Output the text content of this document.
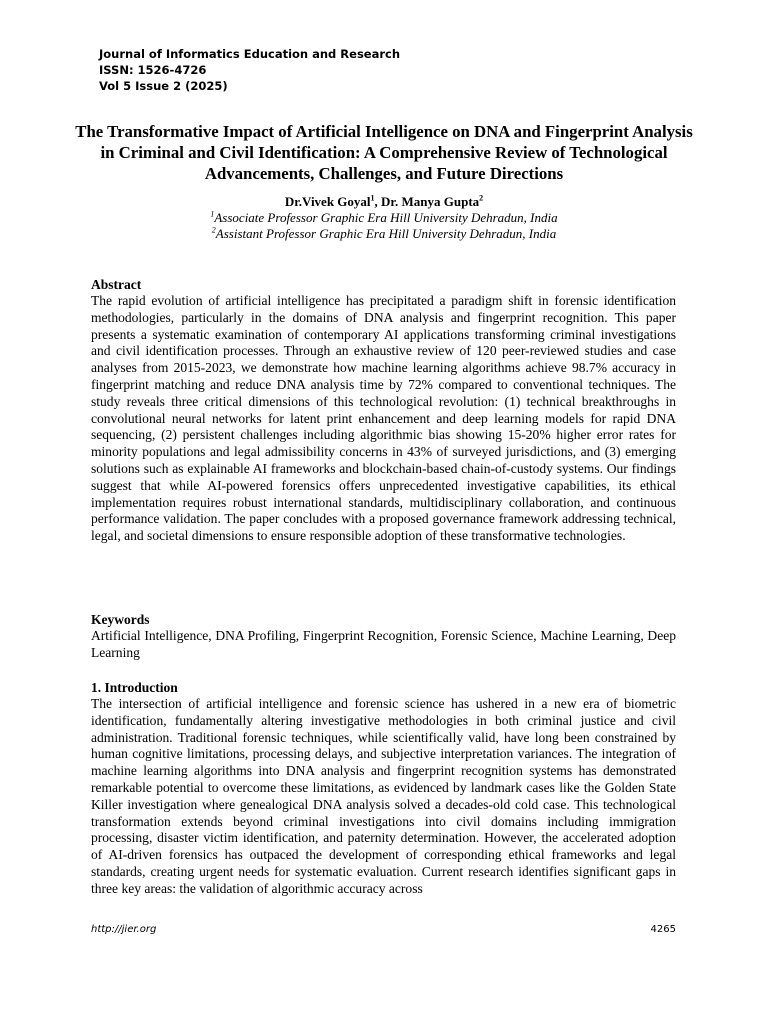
Journal of Informatics Education and Research
ISSN: 1526-4726
Vol 5 Issue 2 (2025)
The Transformative Impact of Artificial Intelligence on DNA and Fingerprint Analysis in Criminal and Civil Identification: A Comprehensive Review of Technological Advancements, Challenges, and Future Directions
Dr.Vivek Goyal$^1$, Dr. Manya Gupta$^2$
$^1$Associate Professor Graphic Era Hill University Dehradun, India
$^2$Assistant Professor Graphic Era Hill University Dehradun, India
Abstract

The rapid evolution of artificial intelligence has precipitated a paradigm shift in forensic identification methodologies, particularly in the domains of DNA analysis and fingerprint recognition. This paper presents a systematic examination of contemporary AI applications transforming criminal investigations and civil identification processes. Through an exhaustive review of 120 peer-reviewed studies and case analyses from 2015-2023, we demonstrate how machine learning algorithms achieve 98.7% accuracy in fingerprint matching and reduce DNA analysis time by 72% compared to conventional techniques. The study reveals three critical dimensions of this technological revolution: (1) technical breakthroughs in convolutional neural networks for latent print enhancement and deep learning models for rapid DNA sequencing, (2) persistent challenges including algorithmic bias showing 15-20% higher error rates for minority populations and legal admissibility concerns in 43% of surveyed jurisdictions, and (3) emerging solutions such as explainable AI frameworks and blockchain-based chain-of-custody systems. Our findings suggest that while AI-powered forensics offers unprecedented investigative capabilities, its ethical implementation requires robust international standards, multidisciplinary collaboration, and continuous performance validation. The paper concludes with a proposed governance framework addressing technical, legal, and societal dimensions to ensure responsible adoption of these transformative technologies.

Keywords

Artificial Intelligence, DNA Profiling, Fingerprint Recognition, Forensic Science, Machine Learning, Deep Learning

1. Introduction

The intersection of artificial intelligence and forensic science has ushered in a new era of biometric identification, fundamentally altering investigative methodologies in both criminal justice and civil administration. Traditional forensic techniques, while scientifically valid, have long been constrained by human cognitive limitations, processing delays, and subjective interpretation variances. The integration of machine learning algorithms into DNA analysis and fingerprint recognition systems has demonstrated remarkable potential to overcome these limitations, as evidenced by landmark cases like the Golden State Killer investigation where genealogical DNA analysis solved a decades-old cold case. This technological transformation extends beyond criminal investigations into civil domains including immigration processing, disaster victim identification, and paternity determination. However, the accelerated adoption of AI-driven forensics has outpaced the development of corresponding ethical frameworks and legal standards, creating urgent needs for systematic evaluation. Current research identifies significant gaps in three key areas: the validation of algorithmic accuracy across

http://jier.org	4265
